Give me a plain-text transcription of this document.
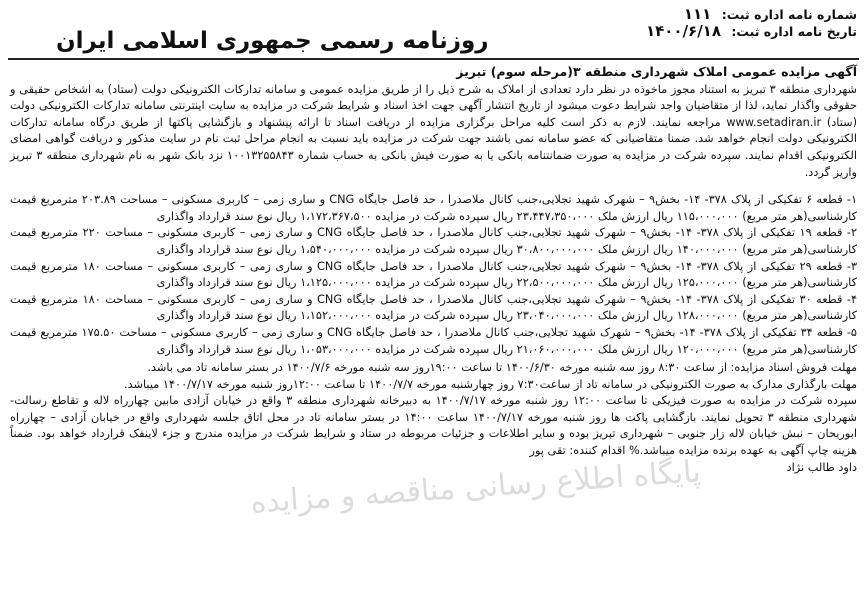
شماره نامه اداره ثبت: ۱۱۱
تاریخ نامه اداره ثبت: ۱۴۰۰/۶/۱۸
روزنامه رسمی جمهوری اسلامی ایران
پایگاه اطلاع رسانی مناقصه و مزایده

آگهی مزایده عمومی املاک شهرداری منطقه ۳(مرحله سوم) تبریز

شهرداری منطقه ۳ تبریز به استناد مجوز ماخوذه در نظر دارد تعدادی از املاک به شرح ذیل را از طریق مزایده عمومی و سامانه تدارکات الکترونیکی دولت (ستاد) به اشخاص حقیقی و حقوقی واگذار نماید، لذا از متقاضیان واجد شرایط دعوت میشود از تاریخ انتشار آگهی جهت اخذ اسناد و شرایط شرکت در مزایده به سایت اینترنتی سامانه تدارکات الکترونیکی دولت (ستاد) www.setadiran.ir مراجعه نمایند. لازم به ذکر است کلیه مراحل برگزاری مزایده از دریافت اسناد تا ارائه پیشنهاد و بازگشایی پاکتها از طریق درگاه سامانه تدارکات الکترونیکی دولت انجام خواهد شد. ضمنا متقاضیانی که عضو سامانه نمی باشند جهت شرکت در مزایده باید نسبت به انجام مراحل ثبت نام در سایت مذکور و دریافت گواهی امضای الکترونیکی اقدام نمایند. سپرده شرکت در مزایده به صورت ضمانتنامه بانکی یا به صورت فیش بانکی به حساب شماره ۱۰۰۱۳۲۵۵۸۴۳ نزد بانک شهر به نام شهرداری منطقه ۳ تبریز واریز گردد.

۱- قطعه ۶ تفکیکی از پلاک ۳۷۸- ۱۴- بخش۹ – شهرک شهید تجلایی،جنب کانال ملاصدرا ، حد فاصل جایگاه CNG و ساری زمی – کاربری مسکونی – مساحت ۲۰۳.۸۹ مترمربع قیمت کارشناسی(هر متر مربع) ۱۱۵،۰۰۰،۰۰۰ ریال ارزش ملک ۲۳،۴۴۷،۳۵۰،۰۰۰ ریال سپرده شرکت در مزایده ۱،۱۷۲،۳۶۷،۵۰۰ ریال نوع سند قرارداد واگذاری

۲- قطعه ۱۹ تفکیکی از پلاک ۳۷۸- ۱۴- بخش۹ – شهرک شهید تجلایی،جنب کانال ملاصدرا ، حد فاصل جایگاه CNG و ساری زمی – کاربری مسکونی – مساحت ۲۲۰ مترمربع قیمت کارشناسی(هر متر مربع) ۱۴۰،۰۰۰،۰۰۰ ریال ارزش ملک ۳۰،۸۰۰،۰۰۰،۰۰۰ ریال سپرده شرکت در مزایده ۱،۵۴۰،۰۰۰،۰۰۰ ریال نوع سند قرارداد واگذاری

۳- قطعه ۲۹ تفکیکی از پلاک ۳۷۸- ۱۴- بخش۹ – شهرک شهید تجلایی،جنب کانال ملاصدرا ، حد فاصل جایگاه CNG و ساری زمی – کاربری مسکونی – مساحت ۱۸۰ مترمربع قیمت کارشناسی(هر متر مربع) ۱۲۵،۰۰۰،۰۰۰ ریال ارزش ملک ۲۲،۵۰۰،۰۰۰،۰۰۰ ریال سپرده شرکت در مزایده ۱،۱۲۵،۰۰۰،۰۰۰ ریال نوع سند قرارداد واگذاری

۴- قطعه ۳۰ تفکیکی از پلاک ۳۷۸- ۱۴- بخش۹ – شهرک شهید تجلایی،جنب کانال ملاصدرا ، حد فاصل جایگاه CNG و ساری زمی – کاربری مسکونی – مساحت ۱۸۰ مترمربع قیمت کارشناسی(هر متر مربع) ۱۲۸،۰۰۰،۰۰۰ ریال ارزش ملک ۲۳،۰۴۰،۰۰۰،۰۰۰ ریال سپرده شرکت در مزایده ۱،۱۵۲،۰۰۰،۰۰۰ ریال نوع سند قرارداد واگذاری

۵- قطعه ۳۴ تفکیکی از پلاک ۳۷۸- ۱۴- بخش۹ – شهرک شهید تجلایی،جنب کانال ملاصدرا ، حد فاصل جایگاه CNG و ساری زمی – کاربری مسکونی – مساحت ۱۷۵.۵۰ مترمربع قیمت کارشناسی(هر متر مربع) ۱۲۰،۰۰۰،۰۰۰ ریال ارزش ملک ۲۱،۰۶۰،۰۰۰،۰۰۰ ریال سپرده شرکت در مزایده ۱،۰۵۳،۰۰۰،۰۰۰ ریال نوع سند قرارداد واگذاری

مهلت فروش اسناد مزایده: از ساعت ۸:۳۰ روز سه شنبه مورخه ۱۴۰۰/۶/۳۰ تا ساعت ۱۹:۰۰روز سه شنبه مورخه ۱۴۰۰/۷/۶ در بستر سامانه تاد می باشد.

مهلت بارگذاری مدارک به صورت الکترونیکی در سامانه تاد از ساعت۷:۳۰ روز چهارشنبه مورخه ۱۴۰۰/۷/۷ تا ساعت ۱۲:۰۰روز شنبه مورخه ۱۴۰۰/۷/۱۷ میباشد.

سپرده شرکت در مزایده به صورت فیزیکی تا ساعت ۱۲:۰۰ روز شنبه مورخه ۱۴۰۰/۷/۱۷ به دبیرخانه شهرداری منطقه ۳ واقع در خیابان آزادی مابین چهارراه لاله و تقاطع رسالت- شهرداری منطقه ۳ تحویل نمایند. بازگشایی پاکت ها روز شنبه مورخه ۱۴۰۰/۷/۱۷ ساعت ۱۴:۰۰ در بستر سامانه تاد در محل اتاق جلسه شهرداری واقع در خیابان آزادی – چهارراه ابوریحان – نبش خیابان لاله زار جنوبی – شهرداری تبریز بوده و سایر اطلاعات و جزئیات مربوطه در ستاد و شرایط شرکت در مزایده مندرج و جزء لاینفک قرارداد خواهد بود. ضمناً هزینه چاپ آگهی به عهده برنده مزایده میباشد.% اقدام کننده: تقی پور

داود طالب نژاد
